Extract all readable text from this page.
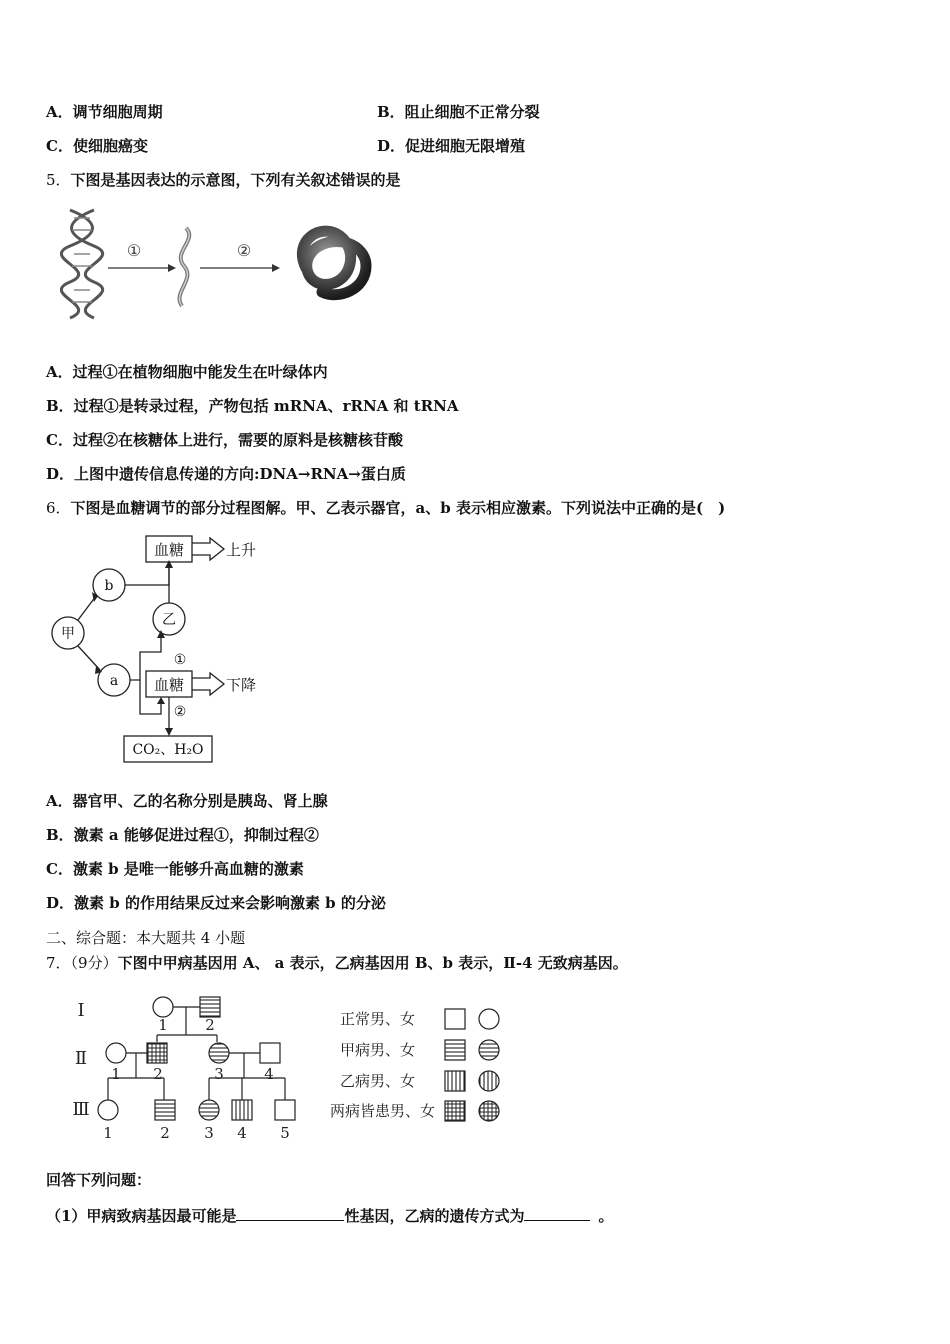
A．调节细胞周期	B．阻止细胞不正常分裂
C．使细胞癌变	D．促进细胞无限增殖
5．下图是基因表达的示意图，下列有关叙述错误的是
①	②
A．过程①在植物细胞中能发生在叶绿体内
B．过程①是转录过程，产物包括 mRNA、rRNA 和 tRNA
C．过程②在核糖体上进行，需要的原料是核糖核苷酸
D．上图中遗传信息传递的方向:DNA→RNA→蛋白质
6．下图是血糖调节的部分过程图解。甲、乙表示器官，a、b 表示相应激素。下列说法中正确的是(　)
血糖	上升
甲
b
乙
a
①
血糖	下降
②
CO₂、H₂O
A．器官甲、乙的名称分别是胰岛、肾上腺
B．激素 a 能够促进过程①，抑制过程②
C．激素 b 是唯一能够升高血糖的激素
D．激素 b 的作用结果反过来会影响激素 b 的分泌
二、综合题：本大题共 4 小题
7．（9分）下图中甲病基因用 A、 a 表示，乙病基因用 B、b 表示，Ⅱ-4 无致病基因。
Ⅰ
Ⅱ
Ⅲ
1 2
1 2	3	4
1	2 3 4 5
正常男、女
甲病男、女
乙病男、女
两病皆患男、女
回答下列问题：
（1）甲病致病基因最可能是	性基因，乙病的遗传方式为	。
